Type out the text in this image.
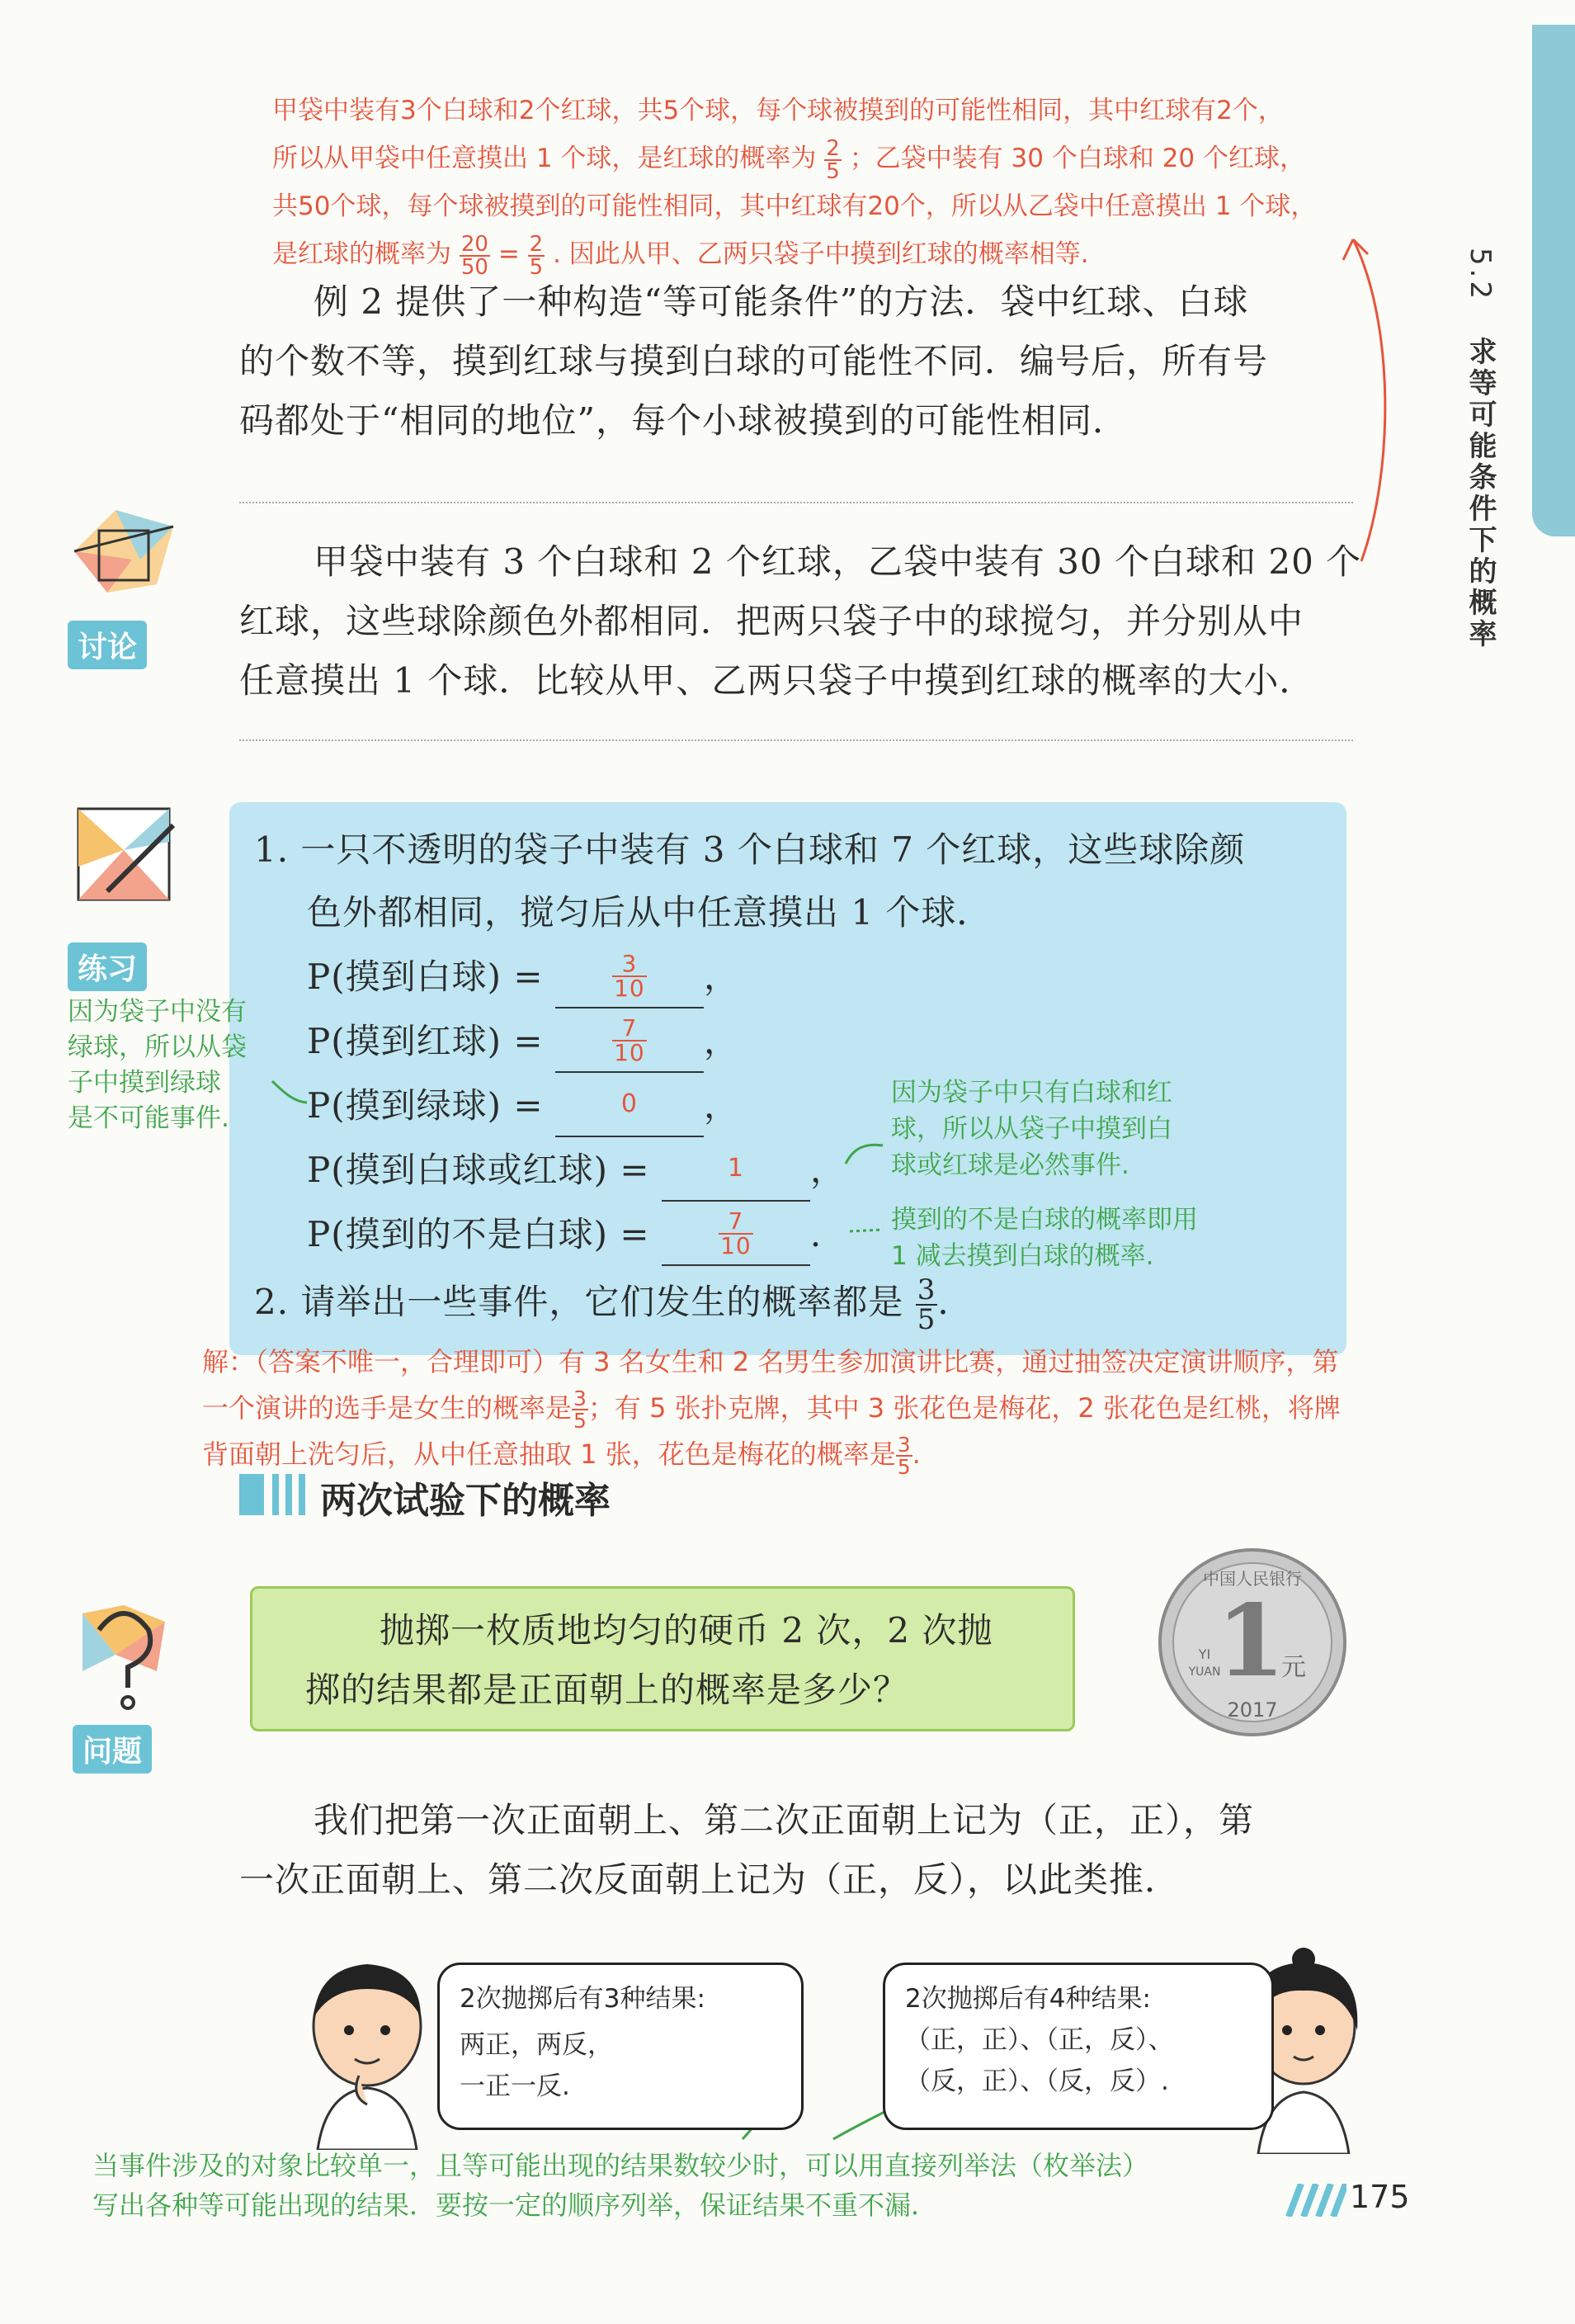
5.2 求等可能条件下的概率
甲袋中装有3个白球和2个红球，共5个球，每个球被摸到的可能性相同，其中红球有2个，
所以从甲袋中任意摸出 1 个球，是红球的概率为 $\frac{2}{5}$ ；乙袋中装有 30 个白球和 20 个红球，
共50个球，每个球被摸到的可能性相同，其中红球有20个，所以从乙袋中任意摸出 1 个球，
是红球的概率为 $\frac{20}{50} = \frac{2}{5}$ . 因此从甲、乙两只袋子中摸到红球的概率相等.
例 2 提供了一种构造“等可能条件”的方法．袋中红球、白球
的个数不等，摸到红球与摸到白球的可能性不同．编号后，所有号
码都处于“相同的地位”，每个小球被摸到的可能性相同．
讨论
甲袋中装有 3 个白球和 2 个红球，乙袋中装有 30 个白球和 20 个
红球，这些球除颜色外都相同．把两只袋子中的球搅匀，并分别从中
任意摸出 1 个球．比较从甲、乙两只袋子中摸到红球的概率的大小．
练习
1. 一只不透明的袋子中装有 3 个白球和 7 个红球，这些球除颜
色外都相同，搅匀后从中任意摸出 1 个球．
P(摸到白球) =	$\frac{3}{10}$ ，
P(摸到红球) =	$\frac{7}{10}$ ，
P(摸到绿球) =	0 ，
P(摸到白球或红球) =	1 ，
P(摸到的不是白球) =	$\frac{7}{10}$ ．
2. 请举出一些事件，它们发生的概率都是 $\frac{3}{5}$ ．
因为袋子中没有
绿球，所以从袋
子中摸到绿球
是不可能事件.
因为袋子中只有白球和红
球，所以从袋子中摸到白
球或红球是必然事件.
摸到的不是白球的概率即用
1 减去摸到白球的概率.
解：（答案不唯一，合理即可）有 3 名女生和 2 名男生参加演讲比赛，通过抽签决定演讲顺序，第
一个演讲的选手是女生的概率是 $\frac{3}{5}$ ；有 5 张扑克牌，其中 3 张花色是梅花，2 张花色是红桃，将牌
背面朝上洗匀后，从中任意抽取 1 张，花色是梅花的概率是 $\frac{3}{5}$ .
两次试验下的概率
问题
抛掷一枚质地均匀的硬币 2 次，2 次抛
掷的结果都是正面朝上的概率是多少？
中国人民银行
1
YI
YUAN 元
2017
我们把第一次正面朝上、第二次正面朝上记为（正，正），第
一次正面朝上、第二次反面朝上记为（正，反），以此类推．
2次抛掷后有3种结果:
两正，两反，
一正一反.
2次抛掷后有4种结果:
（正，正）、（正，反）、
（反，正）、（反，反）.
当事件涉及的对象比较单一，且等可能出现的结果数较少时，可以用直接列举法（枚举法）
写出各种等可能出现的结果．要按一定的顺序列举，保证结果不重不漏．	175
